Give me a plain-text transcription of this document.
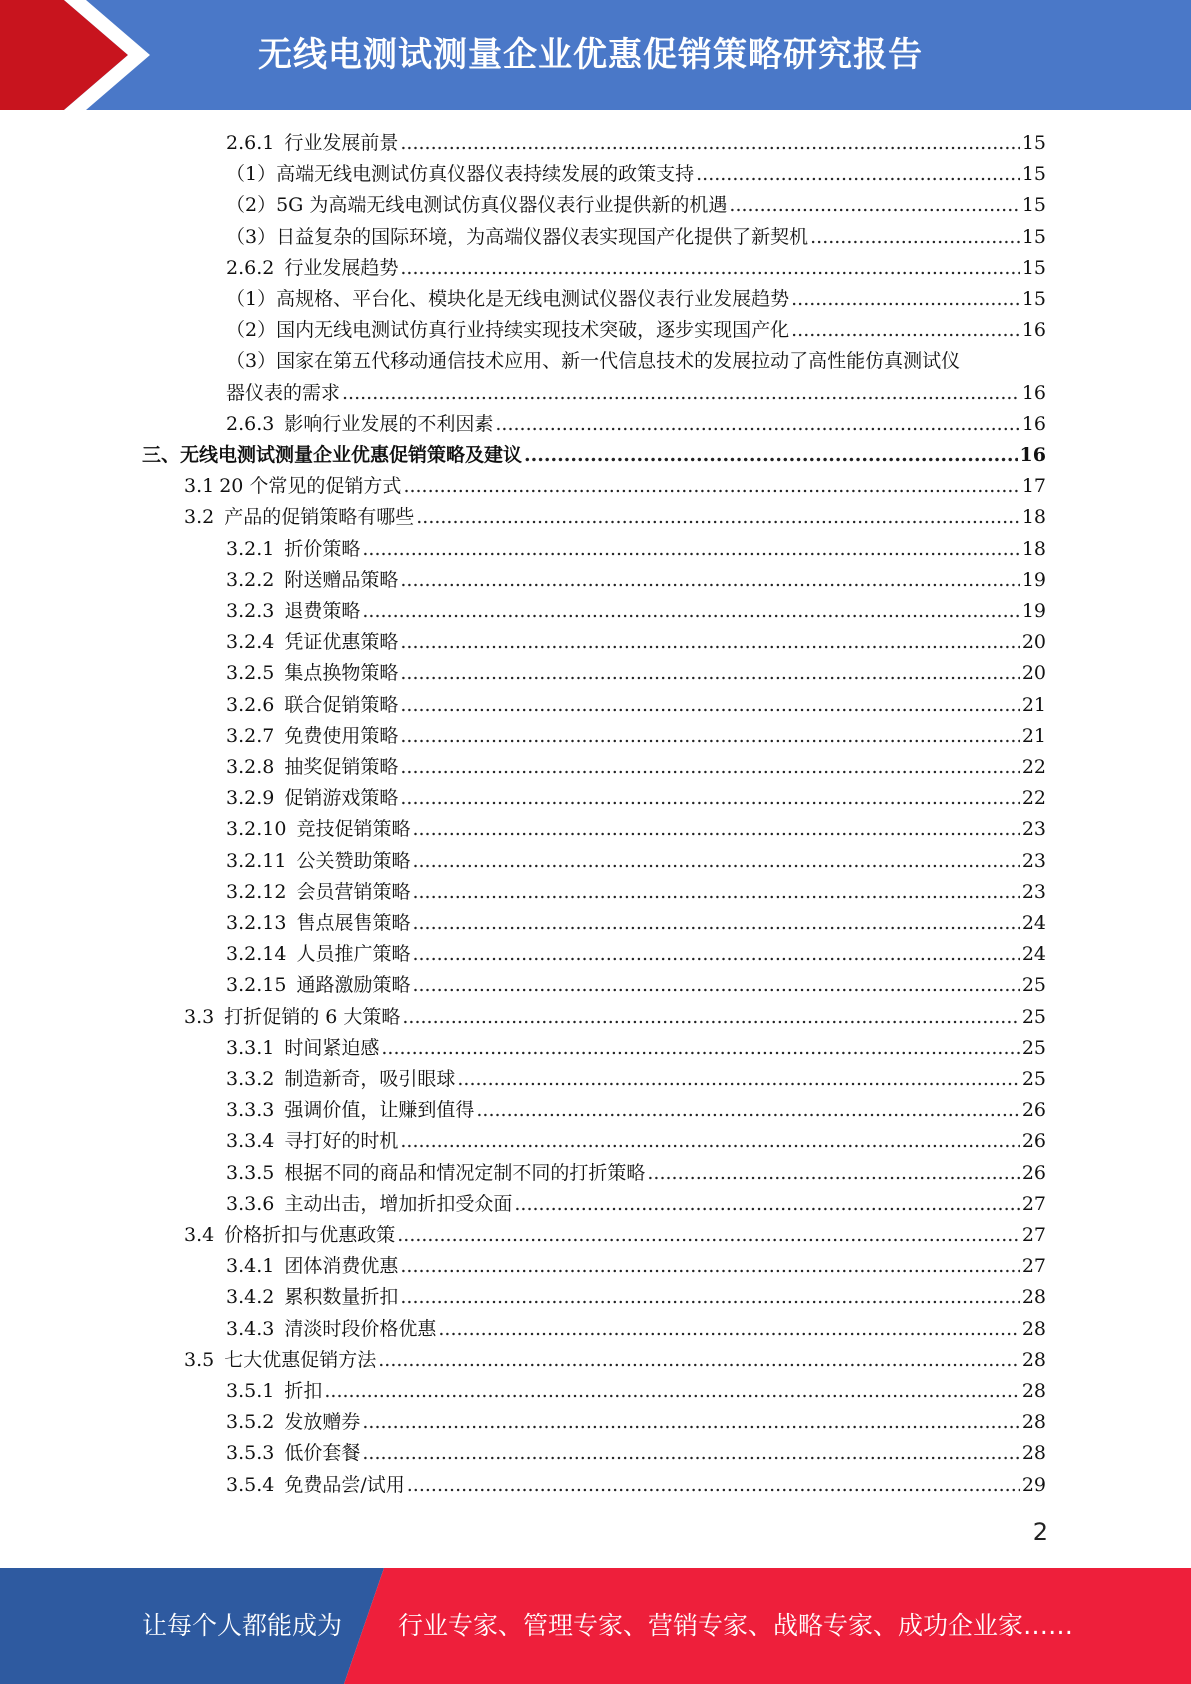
无线电测试测量企业优惠促销策略研究报告
2.6.1 行业发展前景 .....	15
（1） 高端无线电测试仿真仪器仪表持续发展的政策支持 .....	15
（2） 5G 为高端无线电测试仿真仪器仪表行业提供新的机遇 .....	15
（3） 日益复杂的国际环境，为高端仪器仪表实现国产化提供了新契机 .....	15
2.6.2 行业发展趋势 .....	15
（1） 高规格、平台化、模块化是无线电测试仪器仪表行业发展趋势 .....	15
（2） 国内无线电测试仿真行业持续实现技术突破，逐步实现国产化 .....	16
（3）国家在第五代移动通信技术应用、新一代信息技术的发展拉动了高性能仿真测试仪
器仪表的需求 .....	16
2.6.3 影响行业发展的不利因素 .....	16
三、 无线电测试测量企业优惠促销策略及建议 .....	16
3.1 20 个常见的促销方式 .....	17
3.2 产品的促销策略有哪些 .....	18
3.2.1 折价策略 .....	18
3.2.2 附送赠品策略 .....	19
3.2.3 退费策略 .....	19
3.2.4 凭证优惠策略 .....	20
3.2.5 集点换物策略 .....	20
3.2.6 联合促销策略 .....	21
3.2.7 免费使用策略 .....	21
3.2.8 抽奖促销策略 .....	22
3.2.9 促销游戏策略 .....	22
3.2.10 竞技促销策略 .....	23
3.2.11 公关赞助策略 .....	23
3.2.12 会员营销策略 .....	23
3.2.13 售点展售策略 .....	24
3.2.14 人员推广策略 .....	24
3.2.15 通路激励策略 .....	25
3.3 打折促销的 6 大策略 .....	25
3.3.1 时间紧迫感 .....	25
3.3.2 制造新奇，吸引眼球 .....	25
3.3.3 强调价值，让赚到值得 .....	26
3.3.4 寻打好的时机 .....	26
3.3.5 根据不同的商品和情况定制不同的打折策略 .....	26
3.3.6 主动出击，增加折扣受众面 .....	27
3.4 价格折扣与优惠政策 .....	27
3.4.1 团体消费优惠 .....	27
3.4.2 累积数量折扣 .....	28
3.4.3 清淡时段价格优惠 .....	28
3.5 七大优惠促销方法 .....	28
3.5.1 折扣 .....	28
3.5.2 发放赠券 .....	28
3.5.3 低价套餐 .....	28
3.5.4 免费品尝/试用 .....	29
2
让每个人都能成为 行业专家、管理专家、营销专家、战略专家、成功企业家……
